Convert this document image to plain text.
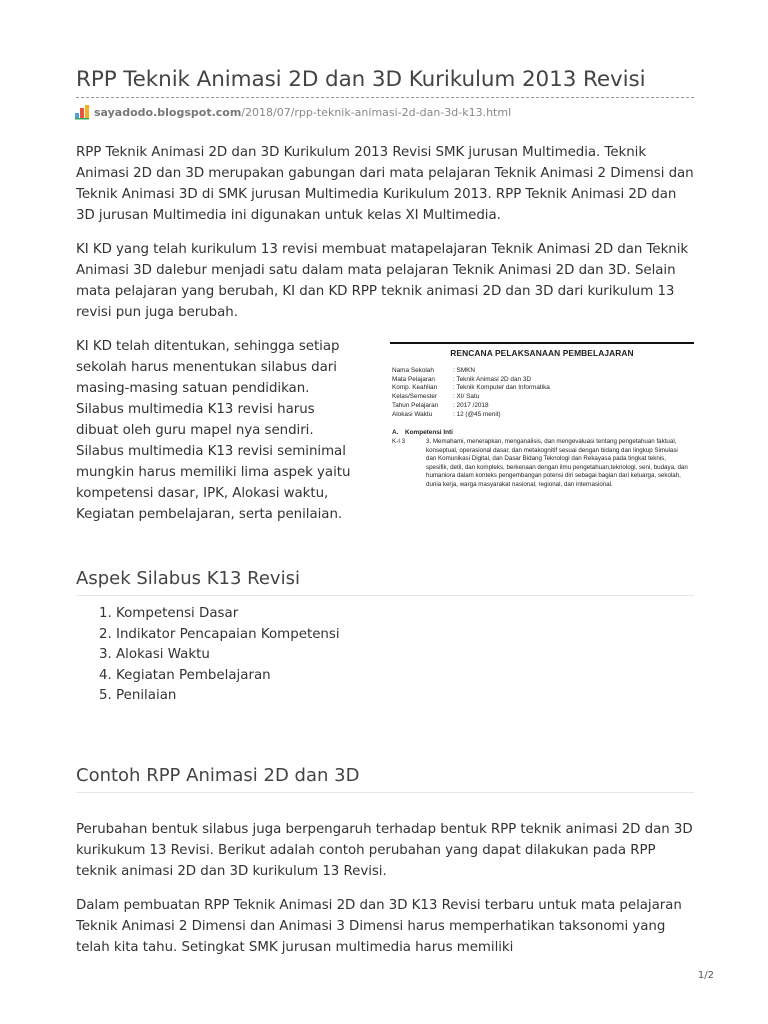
RPP Teknik Animasi 2D dan 3D Kurikulum 2013 Revisi
sayadodo.blogspot.com /2018/07/rpp-teknik-animasi-2d-dan-3d-k13.html

RPP Teknik Animasi 2D dan 3D Kurikulum 2013 Revisi SMK jurusan Multimedia. Teknik Animasi 2D dan 3D merupakan gabungan dari mata pelajaran Teknik Animasi 2 Dimensi dan Teknik Animasi 3D di SMK jurusan Multimedia Kurikulum 2013. RPP Teknik Animasi 2D dan 3D jurusan Multimedia ini digunakan untuk kelas XI Multimedia.

KI KD yang telah kurikulum 13 revisi membuat matapelajaran Teknik Animasi 2D dan Teknik Animasi 3D dalebur menjadi satu dalam mata pelajaran Teknik Animasi 2D dan 3D. Selain mata pelajaran yang berubah, KI dan KD RPP teknik animasi 2D dan 3D dari kurikulum 13 revisi pun juga berubah.

KI KD telah ditentukan, sehingga setiap sekolah harus menentukan silabus dari masing-masing satuan pendidikan. Silabus multimedia K13 revisi harus dibuat oleh guru mapel nya sendiri. Silabus multimedia K13 revisi seminimal mungkin harus memiliki lima aspek yaitu kompetensi dasar, IPK, Alokasi waktu, Kegiatan pembelajaran, serta penilaian.

RENCANA PELAKSANAAN PEMBELAJARAN
Nama Sekolah	: SMKN
Mata Pelajaran	: Teknik Animasi 2D dan 3D
Komp. Keahlian	: Teknik Komputer dan Informatika
Kelas/Semester	: XI/ Satu
Tahun Pelajaran	: 2017 /2018
Alokasi Waktu	: 12 (@45 menit)
A. Kompetensi Inti
K-I 3	3. Memahami, menerapkan, menganalisis, dan mengevaluasi tentang pengetahuan faktual, konseptual, operasional dasar, dan metakognitif sesuai dengan bidang dan lingkup Simulasi dan Komunikasi Digital, dan Dasar Bidang Teknologi dan Rekayasa pada tingkat teknis, spesifik, detil, dan kompleks, berkenaan dengan ilmu pengetahuan,teknologi, seni, budaya, dan humaniora dalam konteks pengembangan potensi diri sebagai bagian dari keluarga, sekolah, dunia kerja, warga masyarakat nasional, regional, dan internasional.
Aspek Silabus K13 Revisi
1. Kompetensi Dasar
2. Indikator Pencapaian Kompetensi
3. Alokasi Waktu
4. Kegiatan Pembelajaran
5. Penilaian
Contoh RPP Animasi 2D dan 3D

Perubahan bentuk silabus juga berpengaruh terhadap bentuk RPP teknik animasi 2D dan 3D kurikukum 13 Revisi. Berikut adalah contoh perubahan yang dapat dilakukan pada RPP teknik animasi 2D dan 3D kurikulum 13 Revisi.

Dalam pembuatan RPP Teknik Animasi 2D dan 3D K13 Revisi terbaru untuk mata pelajaran Teknik Animasi 2 Dimensi dan Animasi 3 Dimensi harus memperhatikan taksonomi yang telah kita tahu. Setingkat SMK jurusan multimedia harus memiliki

1/2
